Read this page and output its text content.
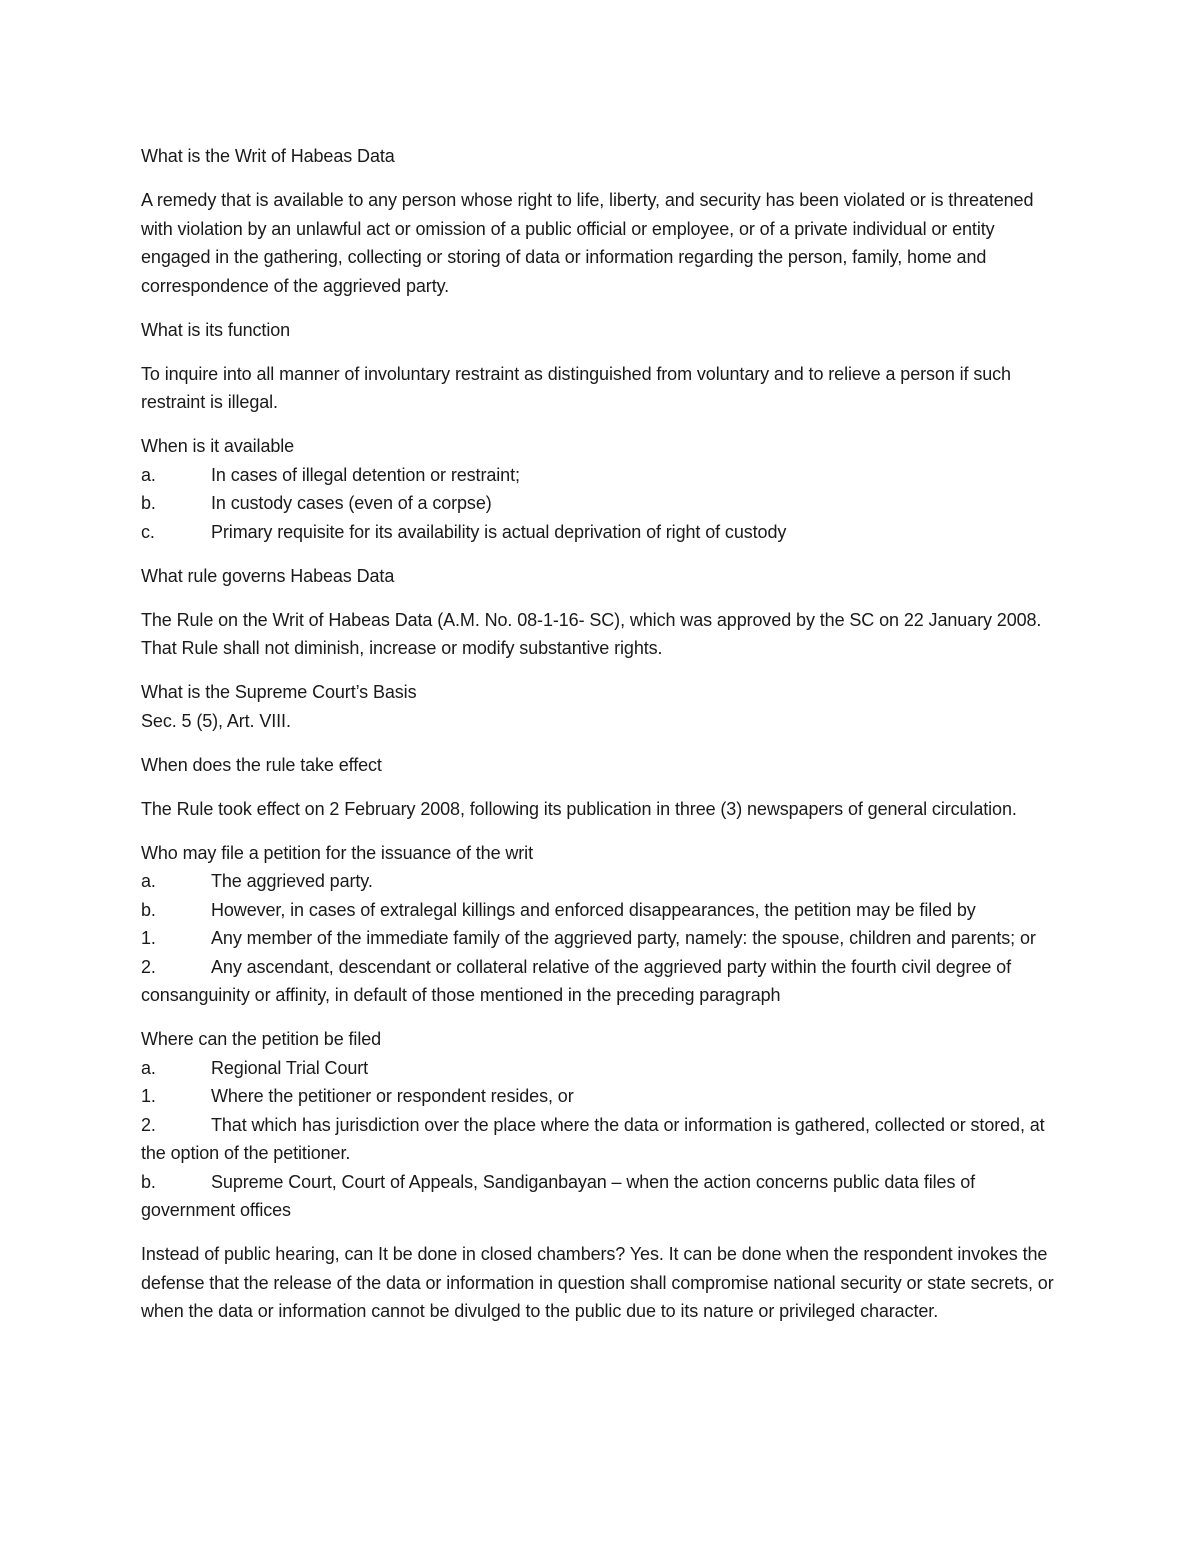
What is the Writ of Habeas Data

A remedy that is available to any person whose right to life, liberty, and security has been violated or is threatened with violation by an unlawful act or omission of a public official or employee, or of a private individual or entity engaged in the gathering, collecting or storing of data or information regarding the person, family, home and correspondence of the aggrieved party.

What is its function

To inquire into all manner of involuntary restraint as distinguished from voluntary and to relieve a person if such restraint is illegal.

When is it available

a.	In cases of illegal detention or restraint;

b.	In custody cases (even of a corpse)

c.	Primary requisite for its availability is actual deprivation of right of custody

What rule governs Habeas Data

The Rule on the Writ of Habeas Data (A.M. No. 08-1-16- SC), which was approved by the SC on 22 January 2008. That Rule shall not diminish, increase or modify substantive rights.

What is the Supreme Court’s Basis

Sec. 5 (5), Art. VIII.

When does the rule take effect

The Rule took effect on 2 February 2008, following its publication in three (3) newspapers of general circulation.

Who may file a petition for the issuance of the writ

a.	The aggrieved party.

b.	However, in cases of extralegal killings and enforced disappearances, the petition may be filed by

1.	Any member of the immediate family of the aggrieved party, namely: the spouse, children and parents; or

2.	Any ascendant, descendant or collateral relative of the aggrieved party within the fourth civil degree of consanguinity or affinity, in default of those mentioned in the preceding paragraph

Where can the petition be filed

a.	Regional Trial Court

1.	Where the petitioner or respondent resides, or

2.	That which has jurisdiction over the place where the data or information is gathered, collected or stored, at the option of the petitioner.

b.	Supreme Court, Court of Appeals, Sandiganbayan – when the action concerns public data files of government offices

Instead of public hearing, can It be done in closed chambers? Yes. It can be done when the respondent invokes the defense that the release of the data or information in question shall compromise national security or state secrets, or when the data or information cannot be divulged to the public due to its nature or privileged character.
